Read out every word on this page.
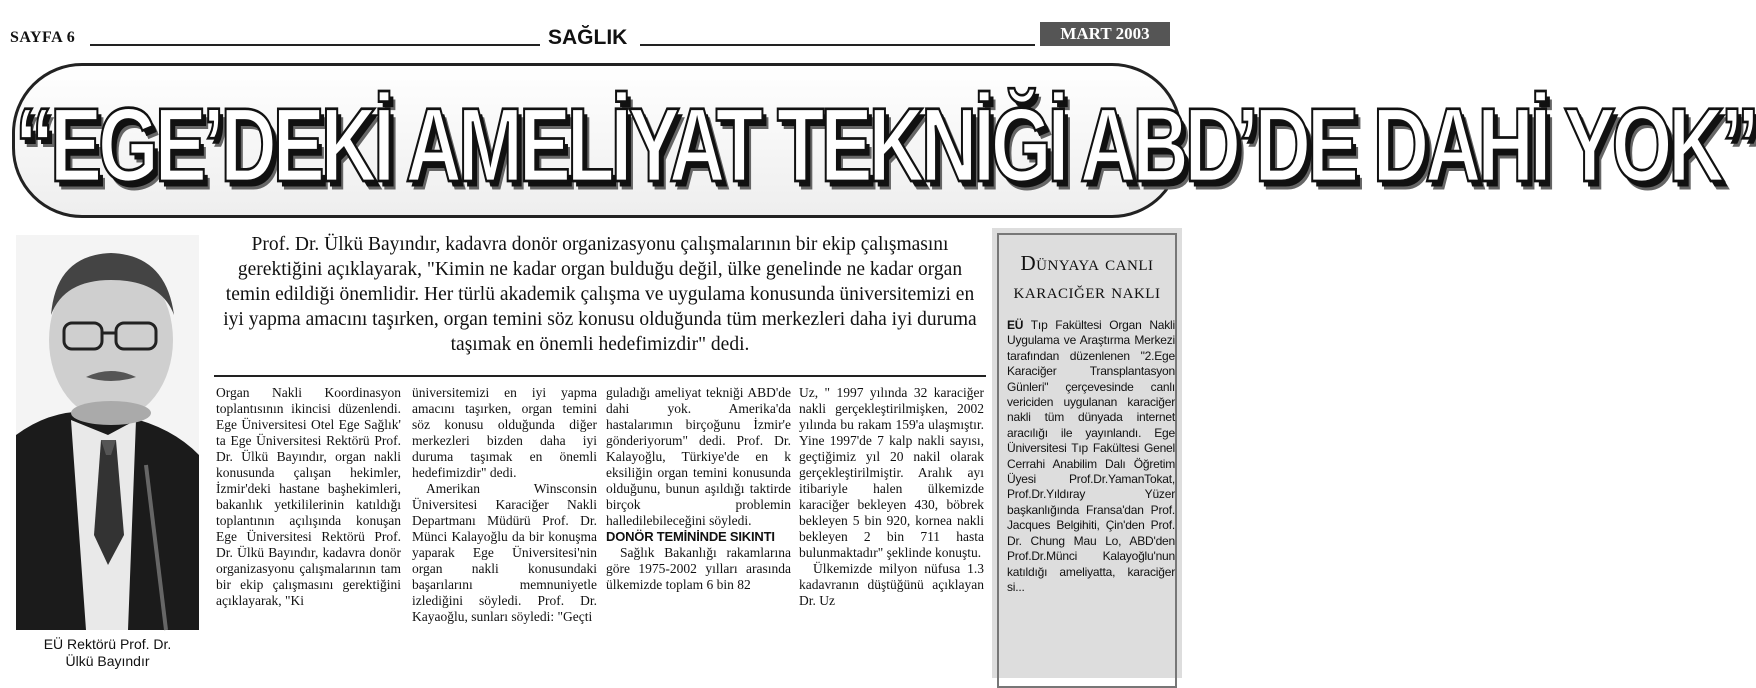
SAYFA 6	SAĞLIK	MART 2003
“EGE’DEKİ AMELİYAT TEKNİĞİ ABD’DE DAHİ YOK”
EÜ Rektörü Prof. Dr.
Ülkü Bayındır
Prof. Dr. Ülkü Bayındır, kadavra donör organizasyonu çalışmalarının bir ekip çalışmasını gerektiğini açıklayarak, "Kimin ne kadar organ bulduğu değil, ülke genelinde ne kadar organ temin edildiği önemlidir. Her türlü akademik çalışma ve uygulama konusunda üniversitemizi en iyi yapma amacını taşırken, organ temini söz konusu olduğunda tüm merkezleri daha iyi duruma taşımak en önemli hedefimizdir" dedi.

Organ Nakli Koordinasyon toplantısının ikincisi düzenlendi. Ege Üniversitesi Otel Ege Sağlık' ta Ege Üniversitesi Rektörü Prof. Dr. Ülkü Bayındır, organ nakli konusunda çalışan hekimler, İzmir'deki hastane başhekimleri, bakanlık yetkililerinin katıldığı toplantının açılışında konuşan Ege Üniversitesi Rektörü Prof. Dr. Ülkü Bayındır, kadavra donör organizasyonu çalışmalarının tam bir ekip çalışmasını gerektiğini açıklayarak, "Ki

üniversitemizi en iyi yapma amacını taşırken, organ temini söz konusu olduğunda diğer merkezleri bizden daha iyi duruma taşımak en önemli hedefimizdir" dedi.

Amerikan Winsconsin Üniversitesi Karaciğer Nakli Departmanı Müdürü Prof. Dr. Münci Kalayoğlu da bir konuşma yaparak Ege Üniversitesi'nin organ nakli konusundaki başarılarını memnuniyetle izlediğini söyledi. Prof. Dr. Kayaoğlu, sunları söyledi: "Geçti

guladığı ameliyat tekniği ABD'de dahi yok. Amerika'da hastalarımın birçoğunu İzmir'e gönderiyorum" dedi. Prof. Dr. Kalayoğlu, Türkiye'de en k eksiliğin organ temini konusunda olduğunu, bunun aşıldığı taktirde birçok problemin halledilebileceğini söyledi.

DONÖR TEMİNİNDE SIKINTI

Sağlık Bakanlığı rakamlarına göre 1975-2002 yılları arasında ülkemizde toplam 6 bin 82

Uz, " 1997 yılında 32 karaciğer nakli gerçekleştirilmişken, 2002 yılında bu rakam 159'a ulaşmıştır. Yine 1997'de 7 kalp nakli sayısı, geçtiğimiz yıl 20 nakil olarak gerçekleştirilmiştir. Aralık ayı itibariyle halen ülkemizde karaciğer bekleyen 430, böbrek bekleyen 5 bin 920, kornea nakli bekleyen 2 bin 711 hasta bulunmaktadır" şeklinde konuştu.

Ülkemizde milyon nüfusa 1.3 kadavranın düştüğünü açıklayan Dr. Uz

Dünyaya canlı
karaciğer nakli
EÜ Tıp Fakültesi Organ Nakli Uygulama ve Araştırma Merkezi tarafından düzenlenen "2.Ege Karaciğer Transplantasyon Günleri" çerçevesinde canlı vericiden uygulanan karaciğer nakli tüm dünyada internet aracılığı ile yayınlandı. Ege Üniversitesi Tıp Fakültesi Genel Cerrahi Anabilim Dalı Öğretim Üyesi Prof.Dr.YamanTokat, Prof.Dr.Yıldıray Yüzer başkanlığında Fransa'dan Prof. Jacques Belgihiti, Çin'den Prof. Dr. Chung Mau Lo, ABD'den Prof.Dr.Münci Kalayoğlu'nun katıldığı ameliyatta, karaciğer si...
